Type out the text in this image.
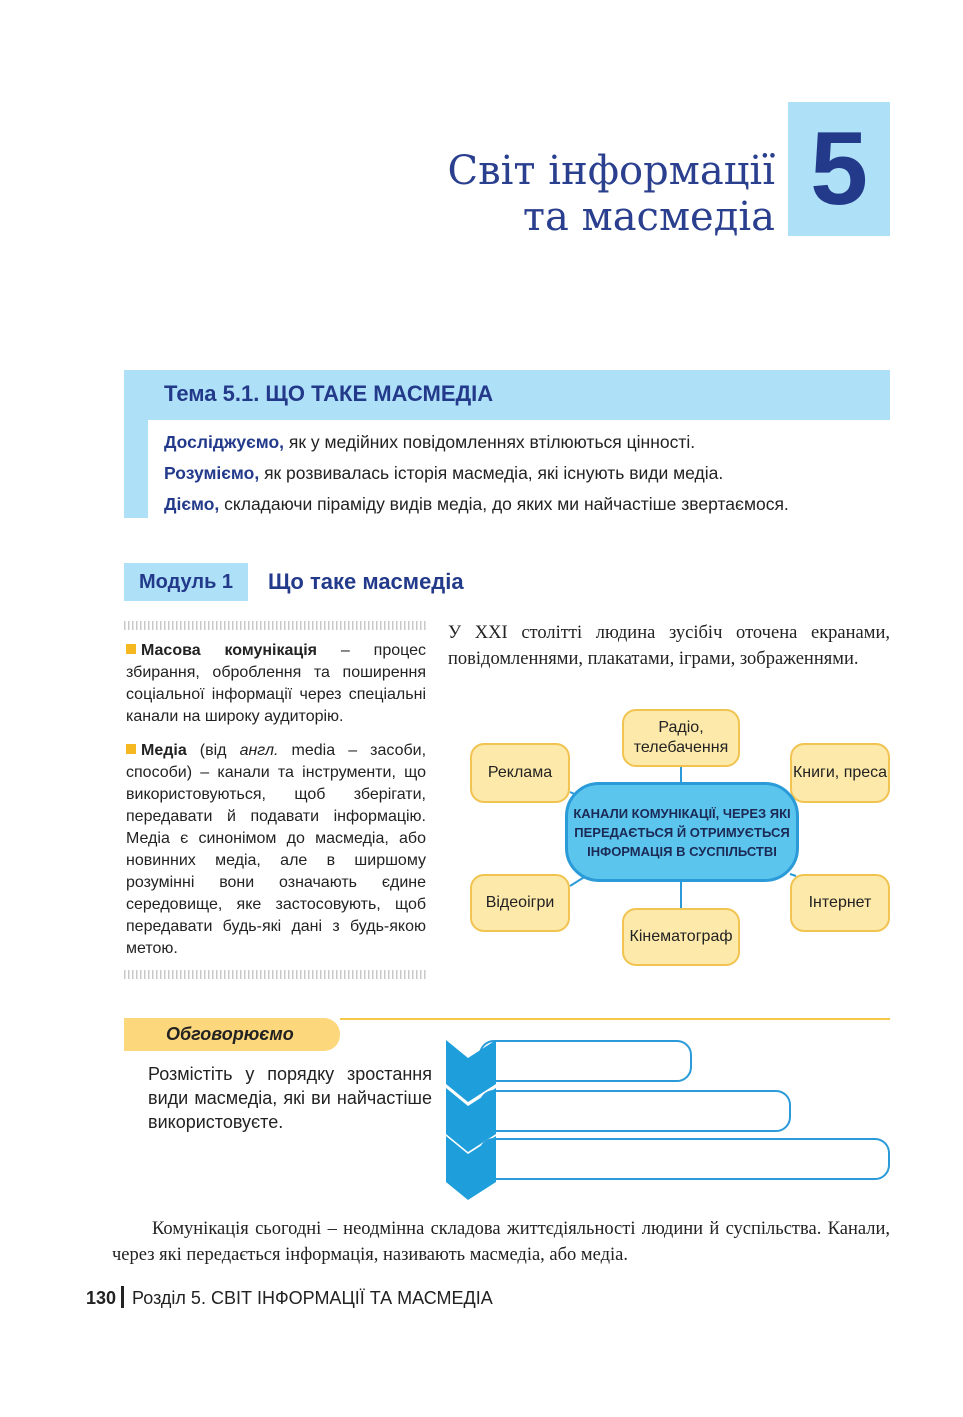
Світ інформації
та масмедіа 5
Тема 5.1. ЩО ТАКЕ МАСМЕДІА
Досліджуємо, як у медійних повідомленнях втілюються цінності.
Розуміємо, як розвивалась історія масмедіа, які існують види медіа.
Діємо, складаючи піраміду видів медіа, до яких ми найчастіше звертаємося.
Модуль 1	Що таке масмедіа
Масова комунікація – процес збирання, оброблення та поширення соціальної інформації через спеціальні канали на широку аудиторію.
Медіа (від англ. media – засоби, способи) – канали та інструменти, що використовуються, щоб зберігати, передавати й подавати інформацію. Медіа є синонімом до масмедіа, або новинних медіа, але в ширшому розумінні вони означають єдине середовище, яке застосовують, щоб передавати будь-які дані з будь-якою метою.
У XXI столітті людина зусібіч оточена екранами, повідомленнями, плакатами, іграми, зображеннями.
Радіо, телебачення
Реклама	Книги, преса
Відеоігри	Інтернет
Кінематограф
КАНАЛИ КОМУНІКАЦІЇ, ЧЕРЕЗ ЯКІ ПЕРЕДАЄТЬСЯ Й ОТРИМУЄТЬСЯ ІНФОРМАЦІЯ В СУСПІЛЬСТВІ
Обговорюємо
Розмістіть у порядку зростання види масмедіа, які ви найчастіше використовуєте.
Комунікація сьогодні – неодмінна складова життєдіяльності людини й суспільства. Канали, через які передається інформація, називають масмедіа, або медіа.
130 Розділ 5. СВІТ ІНФОРМАЦІЇ ТА МАСМЕДІА
